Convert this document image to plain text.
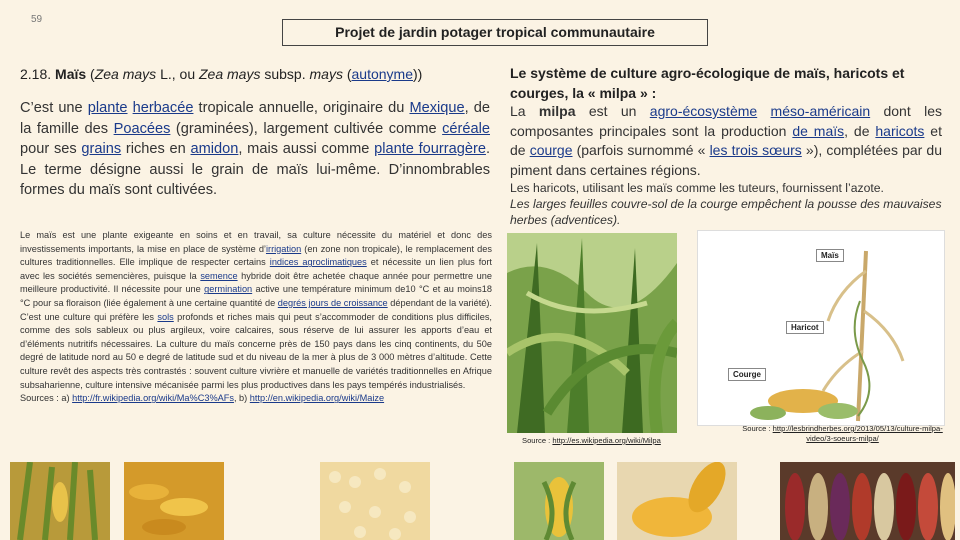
59
Projet de jardin potager tropical communautaire
2.18. Maïs (Zea mays L., ou Zea mays subsp. mays (autonyme))
C’est une plante herbacée tropicale annuelle, originaire du Mexique, de la famille des Poacées (graminées), largement cultivée comme céréale pour ses grains riches en amidon, mais aussi comme plante fourragère. Le terme désigne aussi le grain de maïs lui-même. D’innombrables formes du maïs sont cultivées.
Le maïs est une plante exigeante en soins et en travail, sa culture nécessite du matériel et donc des investissements importants, la mise en place de système d’irrigation (en zone non tropicale), le remplacement des cultures traditionnelles. Elle implique de respecter certains indices agroclimatiques et nécessite un lien plus fort avec les sociétés semencières, puisque la semence hybride doit être achetée chaque année pour permettre une meilleure productivité. Il nécessite pour une germination active une température minimum de10 °C et au moins18 °C pour sa floraison (liée également à une certaine quantité de degrés jours de croissance dépendant de la variété). C’est une culture qui préfère les sols profonds et riches mais qui peut s’accommoder de conditions plus difficiles, comme des sols sableux ou plus argileux, voire calcaires, sous réserve de lui assurer les apports d’eau et d’éléments nutritifs nécessaires. La culture du maïs concerne près de 150 pays dans les cinq continents, du 50e degré de latitude nord au 50 e degré de latitude sud et du niveau de la mer à plus de 3 000 mètres d’altitude. Cette culture revêt des aspects très contrastés : souvent culture vivrière et manuelle de variétés traditionnelles en Afrique subsaharienne, culture intensive mécanisée parmi les plus productives dans les pays tempérés industrialisés.
Sources : a) http://fr.wikipedia.org/wiki/Ma%C3%AFs, b) http://en.wikipedia.org/wiki/Maize
Le système de culture agro-écologique de maïs, haricots et courges, la « milpa » :
La milpa est un agro-écosystème méso-américain dont les composantes principales sont la production de maïs, de haricots et de courge (parfois surnommé « les trois sœurs »), complétées par du piment dans certaines régions.
Les haricots, utilisant les maïs comme les tuteurs, fournissent l’azote.
Les larges feuilles couvre-sol de la courge empêchent la pousse des mauvaises herbes (adventices).
Maïs
Haricot
Courge
Source : http://es.wikipedia.org/wiki/Milpa
Source : http://lesbrindherbes.org/2013/05/13/culture-milpa-video/3-soeurs-milpa/
